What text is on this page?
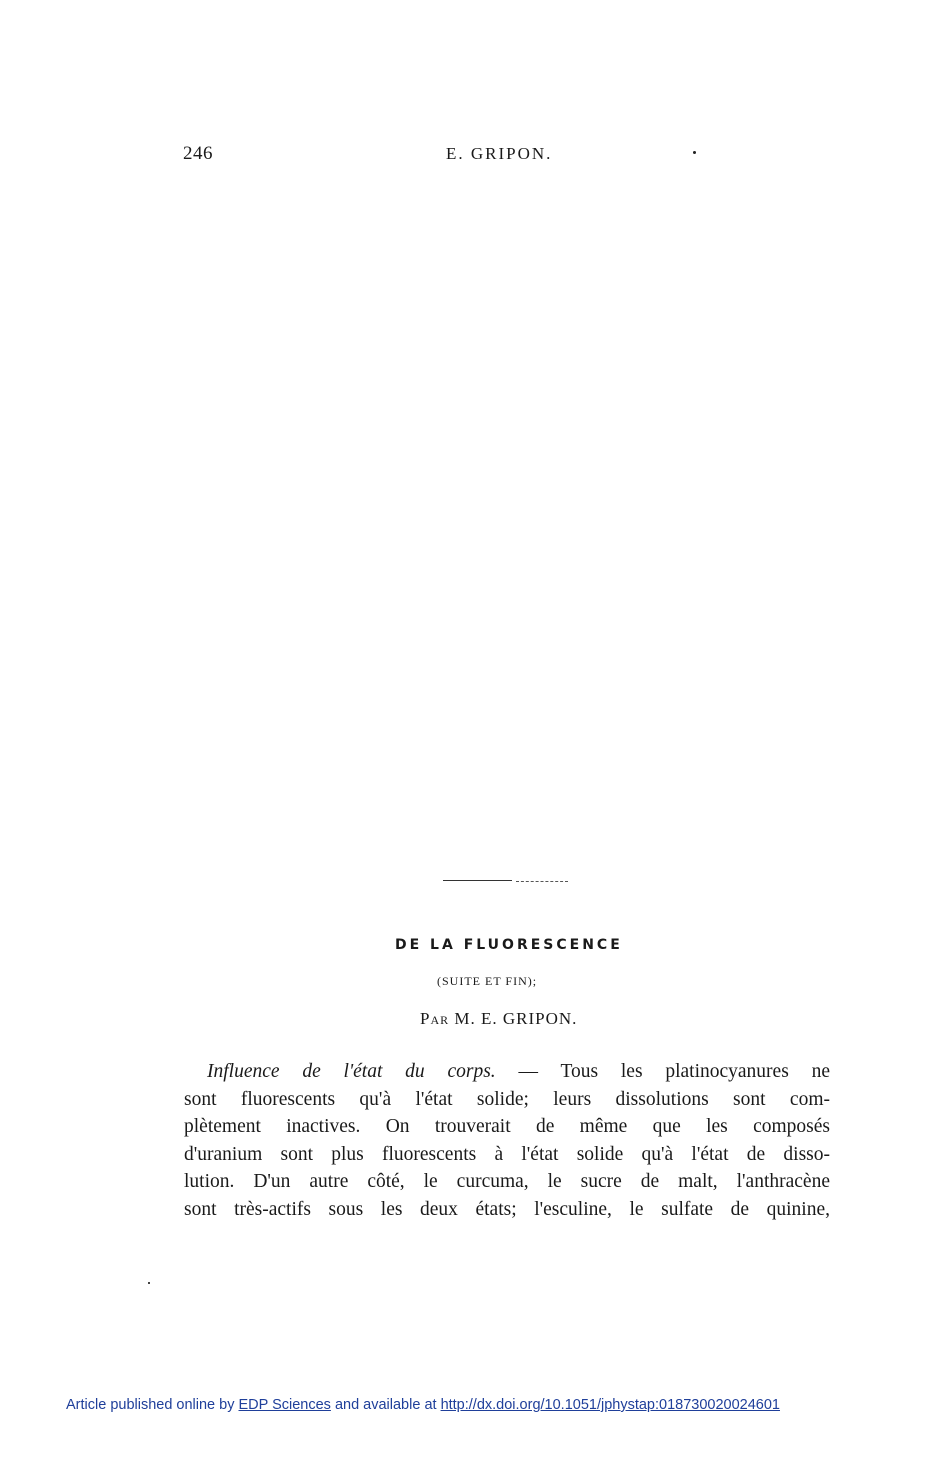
246	E. GRIPON.
DE LA FLUORESCENCE
(SUITE ET FIN);
Par M. E. GRIPON.
Influence de l'état du corps. — Tous les platinocyanures ne
sont fluorescents qu'à l'état solide; leurs dissolutions sont com-
plètement inactives. On trouverait de même que les composés
d'uranium sont plus fluorescents à l'état solide qu'à l'état de disso-
lution. D'un autre côté, le curcuma, le sucre de malt, l'anthracène
sont très-actifs sous les deux états; l'esculine, le sulfate de quinine,
Article published online by EDP Sciences and available at http://dx.doi.org/10.1051/jphystap:018730020024601
